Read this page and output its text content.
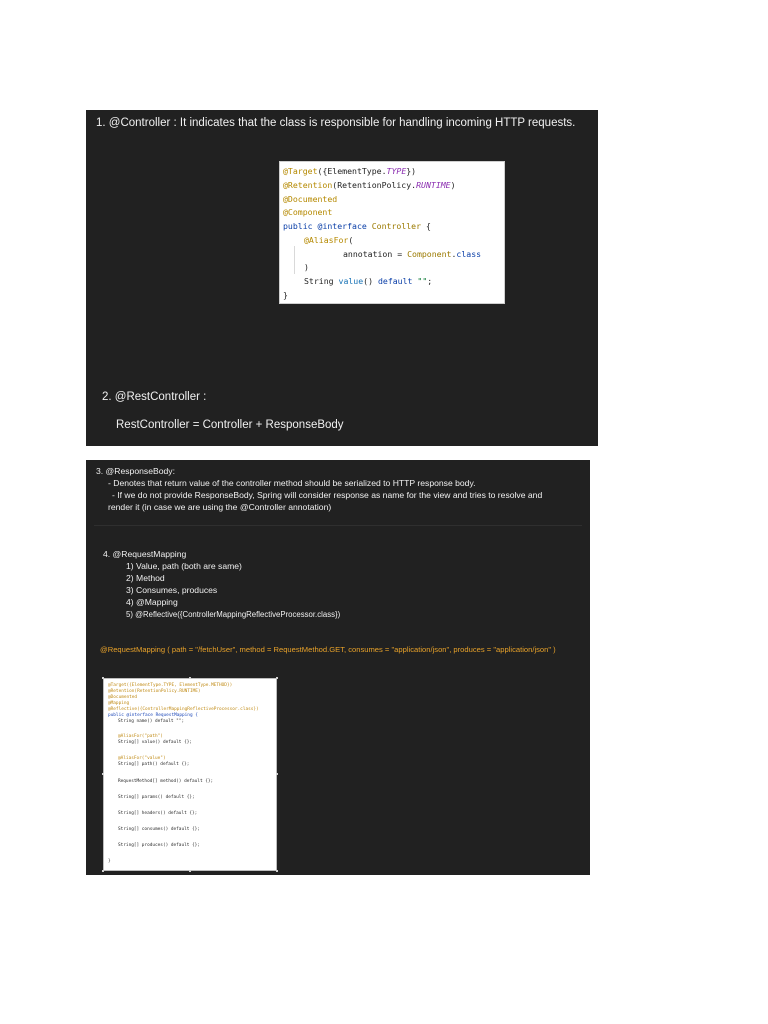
1. @Controller : It indicates that the class is responsible for handling incoming HTTP requests.
@Target({ElementType.TYPE})
@Retention(RetentionPolicy.RUNTIME)
@Documented
@Component
public @interface Controller {
@AliasFor(
annotation = Component.class
)
String value() default "";
}
2. @RestController :
RestController = Controller + ResponseBody
3. @ResponseBody:
- Denotes that return value of the controller method should be serialized to HTTP response body.
- If we do not provide ResponseBody, Spring will consider response as name for the view and tries to resolve and
render it (in case we are using the @Controller annotation)
4. @RequestMapping
1) Value, path (both are same)
2) Method
3) Consumes, produces
4) @Mapping
5) @Reflective({ControllerMappingReflectiveProcessor.class})
@RequestMapping ( path = "/fetchUser", method = RequestMethod.GET, consumes = "application/json", produces = "application/json" )
@Target({ElementType.TYPE, ElementType.METHOD})
@Retention(RetentionPolicy.RUNTIME)
@Documented
@Mapping
@Reflective({ControllerMappingReflectiveProcessor.class})
public @interface RequestMapping {
String name() default "";
@AliasFor("path")
String[] value() default {};
@AliasFor("value")
String[] path() default {};
RequestMethod[] method() default {};
String[] params() default {};
String[] headers() default {};
String[] consumes() default {};
String[] produces() default {};
}
